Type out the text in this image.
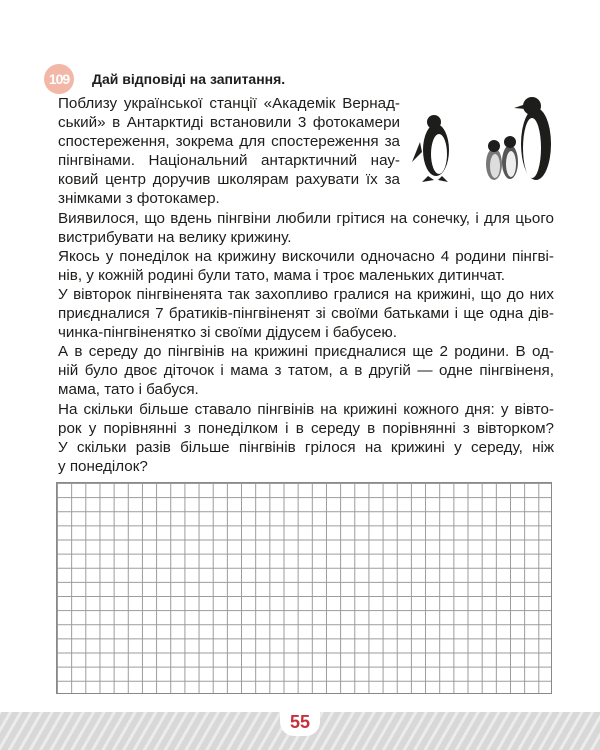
109	Дай відповіді на запитання.
Поблизу української станції «Академік Вернад-
ський» в Антарктиді встановили 3 фотокамери
спостереження, зокрема для спостереження за
пінгвінами. Національний антарктичний нау-
ковий центр доручив школярам рахувати їх за
знімками з фотокамер.
Виявилося, що вдень пінгвіни любили грітися на сонечку, і для цього
вистрибувати на велику крижину.
Якось у понеділок на крижину вискочили одночасно 4 родини пінгві-
нів, у кожній родині були тато, мама і троє маленьких дитинчат.
У вівторок пінгвіненята так захопливо гралися на крижині, що до них
приєдналися 7 братиків-пінгвіненят зі своїми батьками і ще одна дів-
чинка-пінгвіненятко зі своїми дідусем і бабусею.
А в середу до пінгвінів на крижині приєдналися ще 2 родини. В од-
ній було двоє діточок і мама з татом, а в другій — одне пінгвіненя,
мама, тато і бабуся.
На скільки більше ставало пінгвінів на крижині кожного дня: у вівто-
рок у порівнянні з понеділком і в середу в порівнянні з вівторком?
У скільки разів більше пінгвінів грілося на крижині у середу, ніж
у понеділок?
55
